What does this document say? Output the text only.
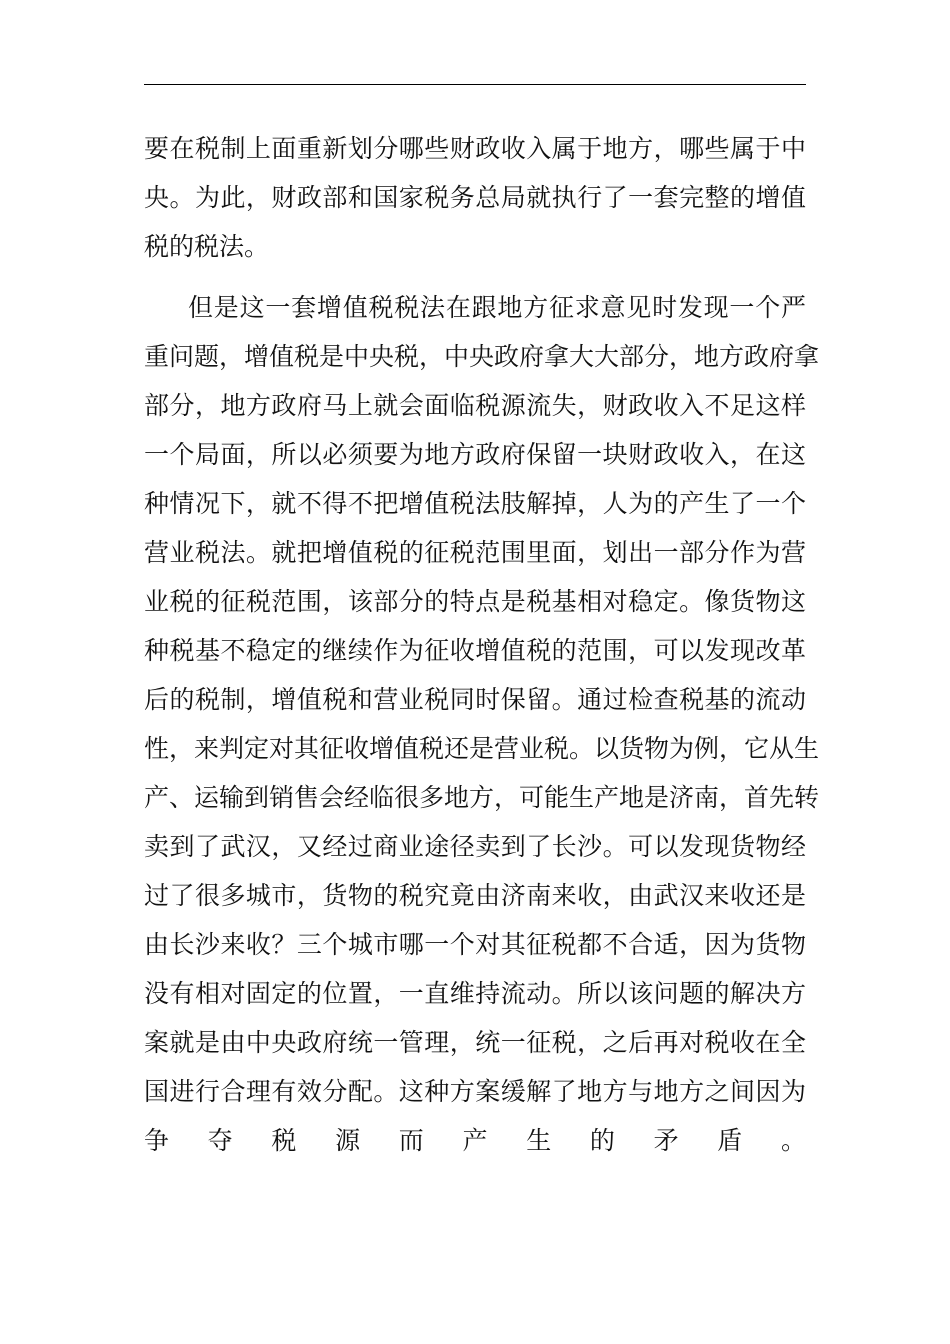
要在税制上面重新划分哪些财政收入属于地方，哪些属于中
央。为此，财政部和国家税务总局就执行了一套完整的增值
税的税法。
但是这一套增值税税法在跟地方征求意见时发现一个严
重问题，增值税是中央税，中央政府拿大大部分，地方政府拿
部分，地方政府马上就会面临税源流失，财政收入不足这样
一个局面，所以必须要为地方政府保留一块财政收入，在这
种情况下，就不得不把增值税法肢解掉，人为的产生了一个
营业税法。就把增值税的征税范围里面，划出一部分作为营
业税的征税范围，该部分的特点是税基相对稳定。像货物这
种税基不稳定的继续作为征收增值税的范围，可以发现改革
后的税制，增值税和营业税同时保留。通过检查税基的流动
性，来判定对其征收增值税还是营业税。以货物为例，它从生
产、运输到销售会经临很多地方，可能生产地是济南，首先转
卖到了武汉，又经过商业途径卖到了长沙。可以发现货物经
过了很多城市，货物的税究竟由济南来收，由武汉来收还是
由长沙来收？三个城市哪一个对其征税都不合适，因为货物
没有相对固定的位置，一直维持流动。所以该问题的解决方
案就是由中央政府统一管理，统一征税，之后再对税收在全
国进行合理有效分配。这种方案缓解了地方与地方之间因为
争夺税源而产生的矛盾。
